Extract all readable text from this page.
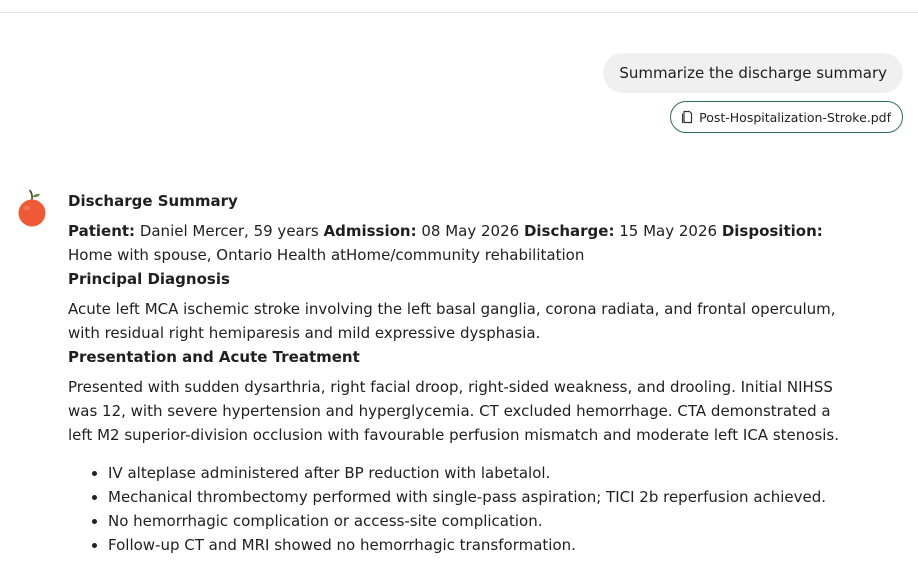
Summarize the discharge summary
Post-Hospitalization-Stroke.pdf
Discharge Summary

Patient: Daniel Mercer, 59 years Admission: 08 May 2026 Discharge: 15 May 2026 Disposition: Home with spouse, Ontario Health atHome/community rehabilitation

Principal Diagnosis

Acute left MCA ischemic stroke involving the left basal ganglia, corona radiata, and frontal operculum, with residual right hemiparesis and mild expressive dysphasia.

Presentation and Acute Treatment

Presented with sudden dysarthria, right facial droop, right-sided weakness, and drooling. Initial NIHSS was 12, with severe hypertension and hyperglycemia. CT excluded hemorrhage. CTA demonstrated a left M2 superior-division occlusion with favourable perfusion mismatch and moderate left ICA stenosis.

• IV alteplase administered after BP reduction with labetalol.
• Mechanical thrombectomy performed with single-pass aspiration; TICI 2b reperfusion achieved.
• No hemorrhagic complication or access-site complication.
• Follow-up CT and MRI showed no hemorrhagic transformation.
